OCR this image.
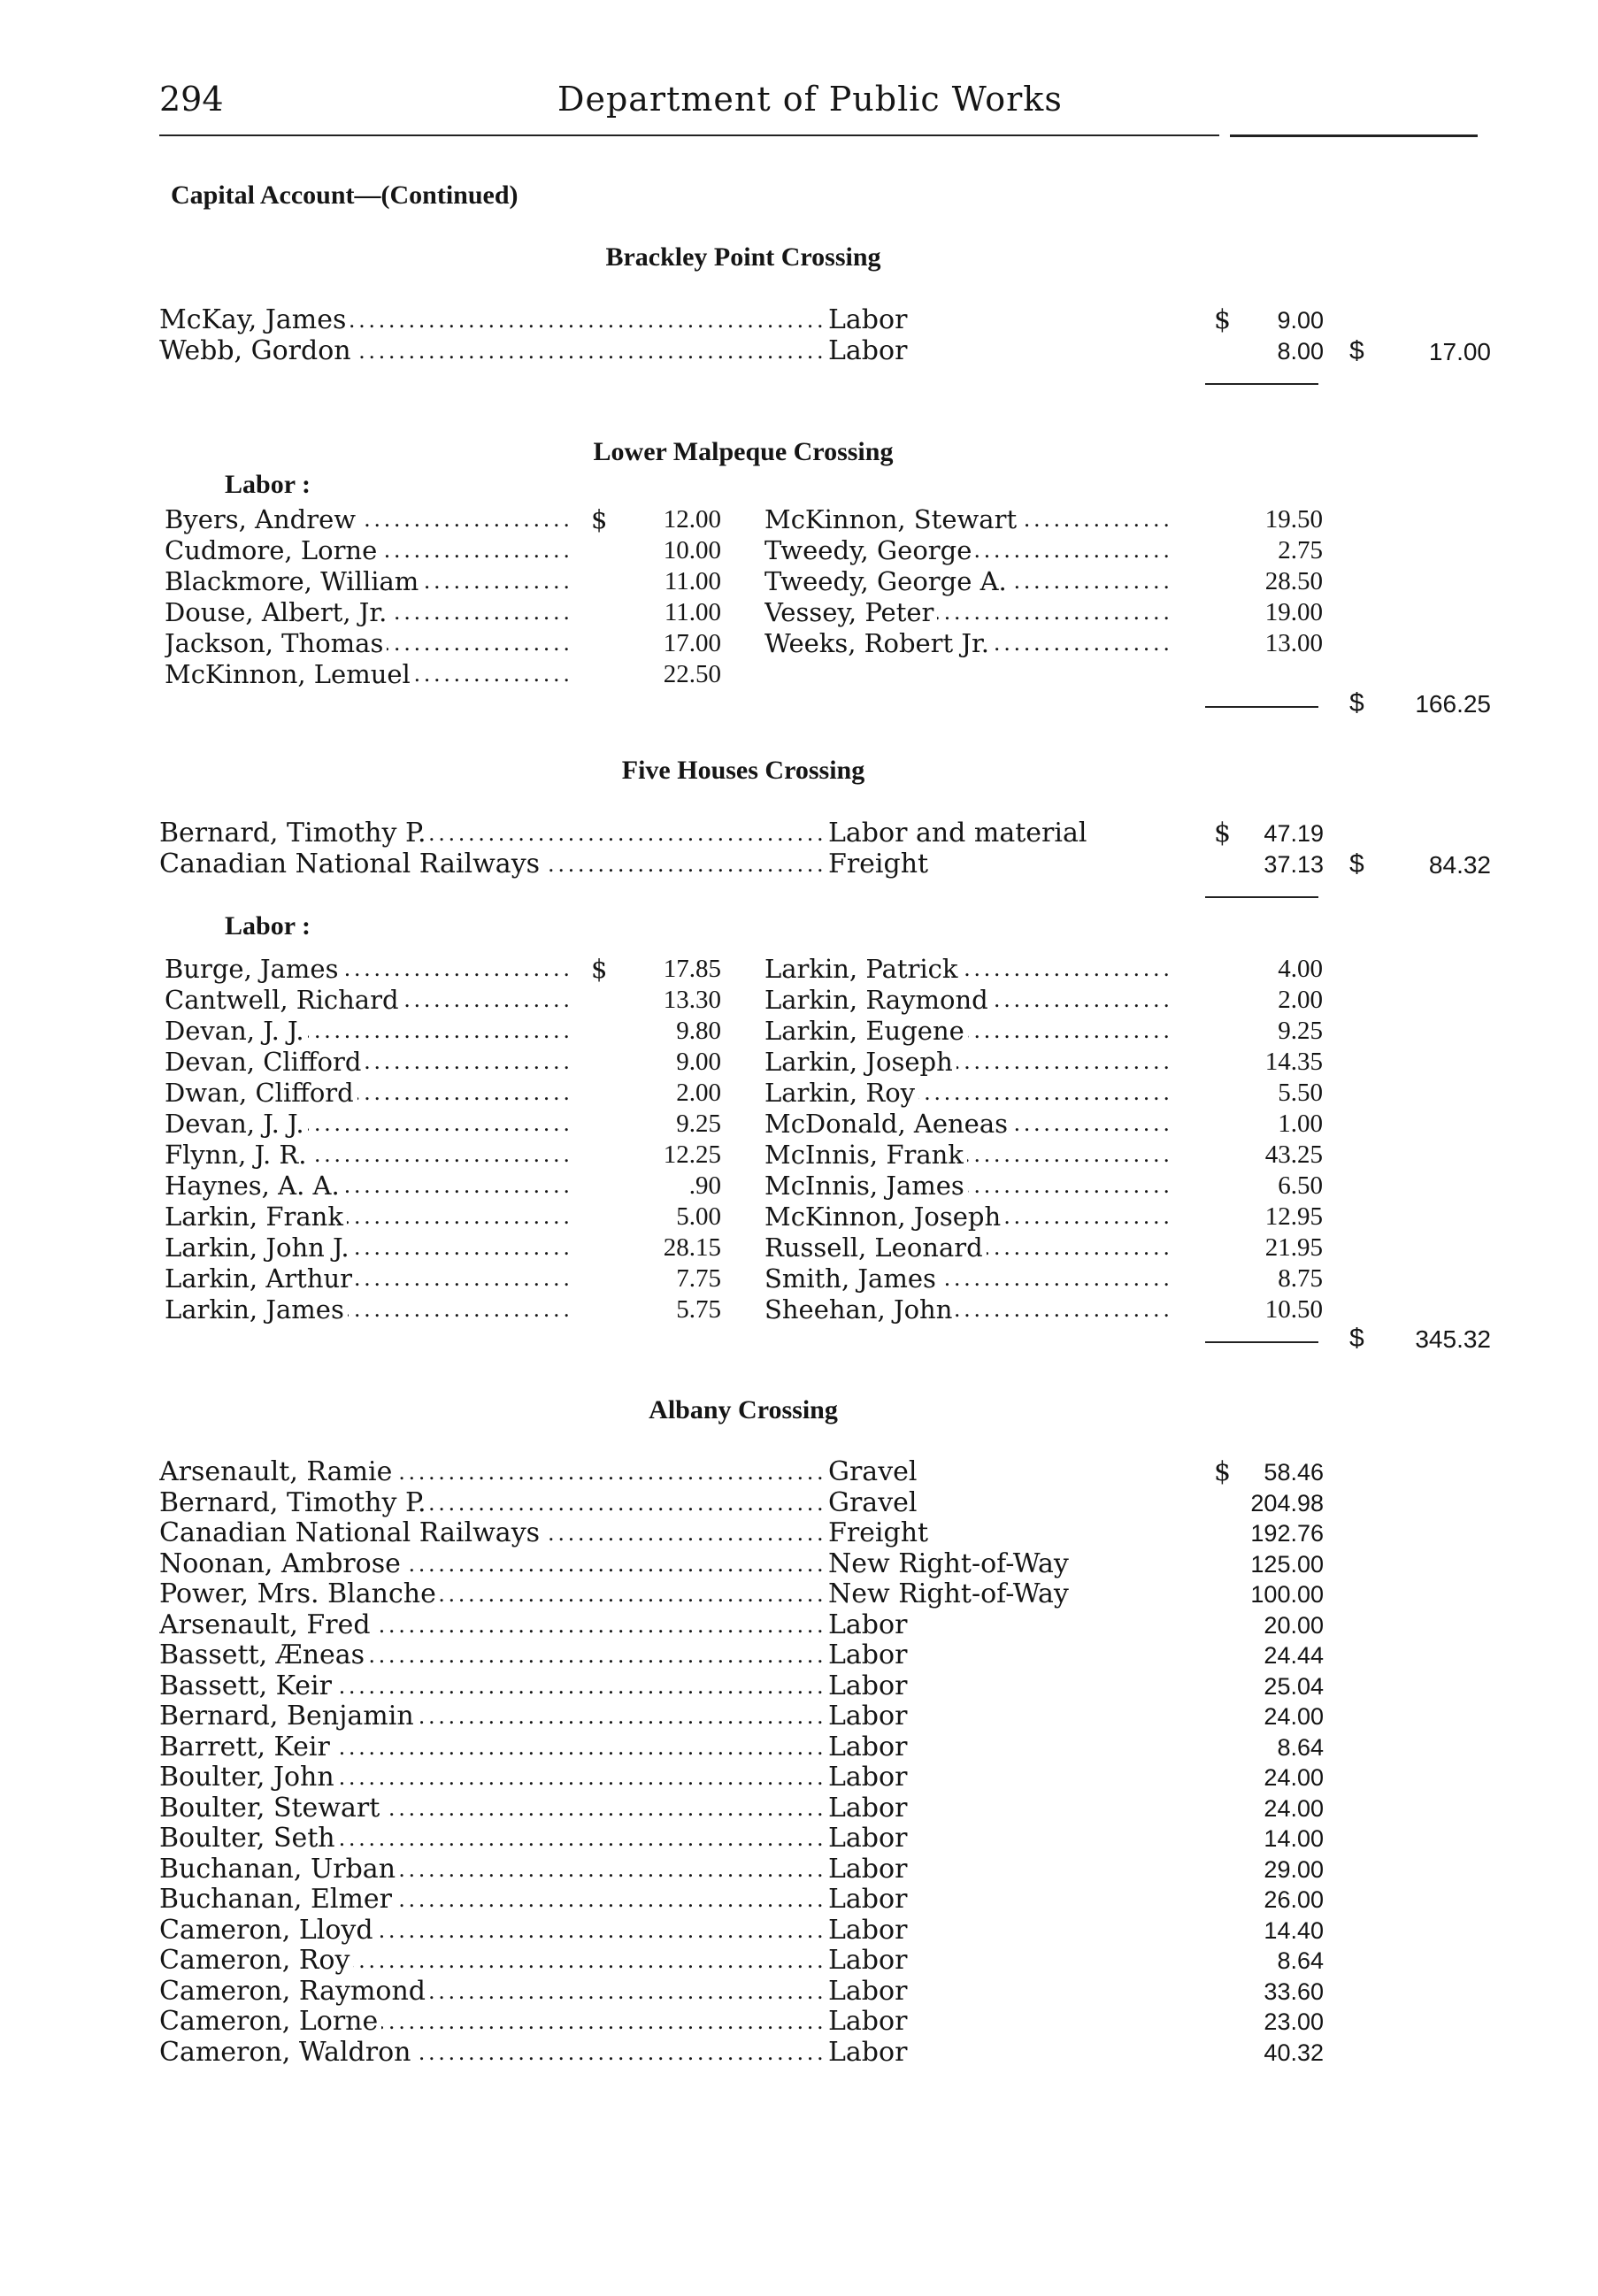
294	Department of Public Works
Capital Account—(Continued)
Brackley Point Crossing
McKay, James . . .	Labor . . .	$	9.00
Webb, Gordon . . .	Labor . . .	8.00 $	17.00
Lower Malpeque Crossing
Labor :
Byers, Andrew . . .	$	12.00
Cudmore, Lorne . . .	10.00
Blackmore, William . . .	11.00
Douse, Albert, Jr. . . .	11.00
Jackson, Thomas . . .	17.00
McKinnon, Lemuel . . .	22.50
McKinnon, Stewart . . .	19.50
Tweedy, George . . .	2.75
Tweedy, George A. . . .	28.50
Vessey, Peter . . .	19.00
Weeks, Robert Jr. . . .	13.00
$	166.25
Five Houses Crossing
Bernard, Timothy P. . . .	Labor and material . . .	$	47.19
Canadian National Railways . . .	Freight . . .	37.13 $	84.32
Labor :
Burge, James . . .	$	17.85
Cantwell, Richard . . .	13.30
Devan, J. J. . . .	9.80
Devan, Clifford . . .	9.00
Dwan, Clifford . . .	2.00
Devan, J. J. . . .	9.25
Flynn, J. R. . . .	12.25
Haynes, A. A. . . .	.90
Larkin, Frank . . .	5.00
Larkin, John J. . . .	28.15
Larkin, Arthur . . .	7.75
Larkin, James . . .	5.75
Larkin, Patrick . . .	4.00
Larkin, Raymond . . .	2.00
Larkin, Eugene . . .	9.25
Larkin, Joseph . . .	14.35
Larkin, Roy . . .	5.50
McDonald, Aeneas . . .	1.00
McInnis, Frank . . .	43.25
McInnis, James . . .	6.50
McKinnon, Joseph . . .	12.95
Russell, Leonard . . .	21.95
Smith, James . . .	8.75
Sheehan, John . . .	10.50
$	345.32
Albany Crossing
Arsenault, Ramie . . .	Gravel . . .	$	58.46
Bernard, Timothy P. . . .	Gravel . . .	204.98
Canadian National Railways . . .	Freight . . .	192.76
Noonan, Ambrose . . .	New Right-of-Way . . .	125.00
Power, Mrs. Blanche . . .	New Right-of-Way . . .	100.00
Arsenault, Fred . . .	Labor . . .	20.00
Bassett, Æneas . . .	Labor . . .	24.44
Bassett, Keir . . .	Labor . . .	25.04
Bernard, Benjamin . . .	Labor . . .	24.00
Barrett, Keir . . .	Labor . . .	8.64
Boulter, John . . .	Labor . . .	24.00
Boulter, Stewart . . .	Labor . . .	24.00
Boulter, Seth . . .	Labor . . .	14.00
Buchanan, Urban . . .	Labor . . .	29.00
Buchanan, Elmer . . .	Labor . . .	26.00
Cameron, Lloyd . . .	Labor . . .	14.40
Cameron, Roy . . .	Labor . . .	8.64
Cameron, Raymond . . .	Labor . . .	33.60
Cameron, Lorne . . .	Labor . . .	23.00
Cameron, Waldron . . .	Labor . . .	40.32
